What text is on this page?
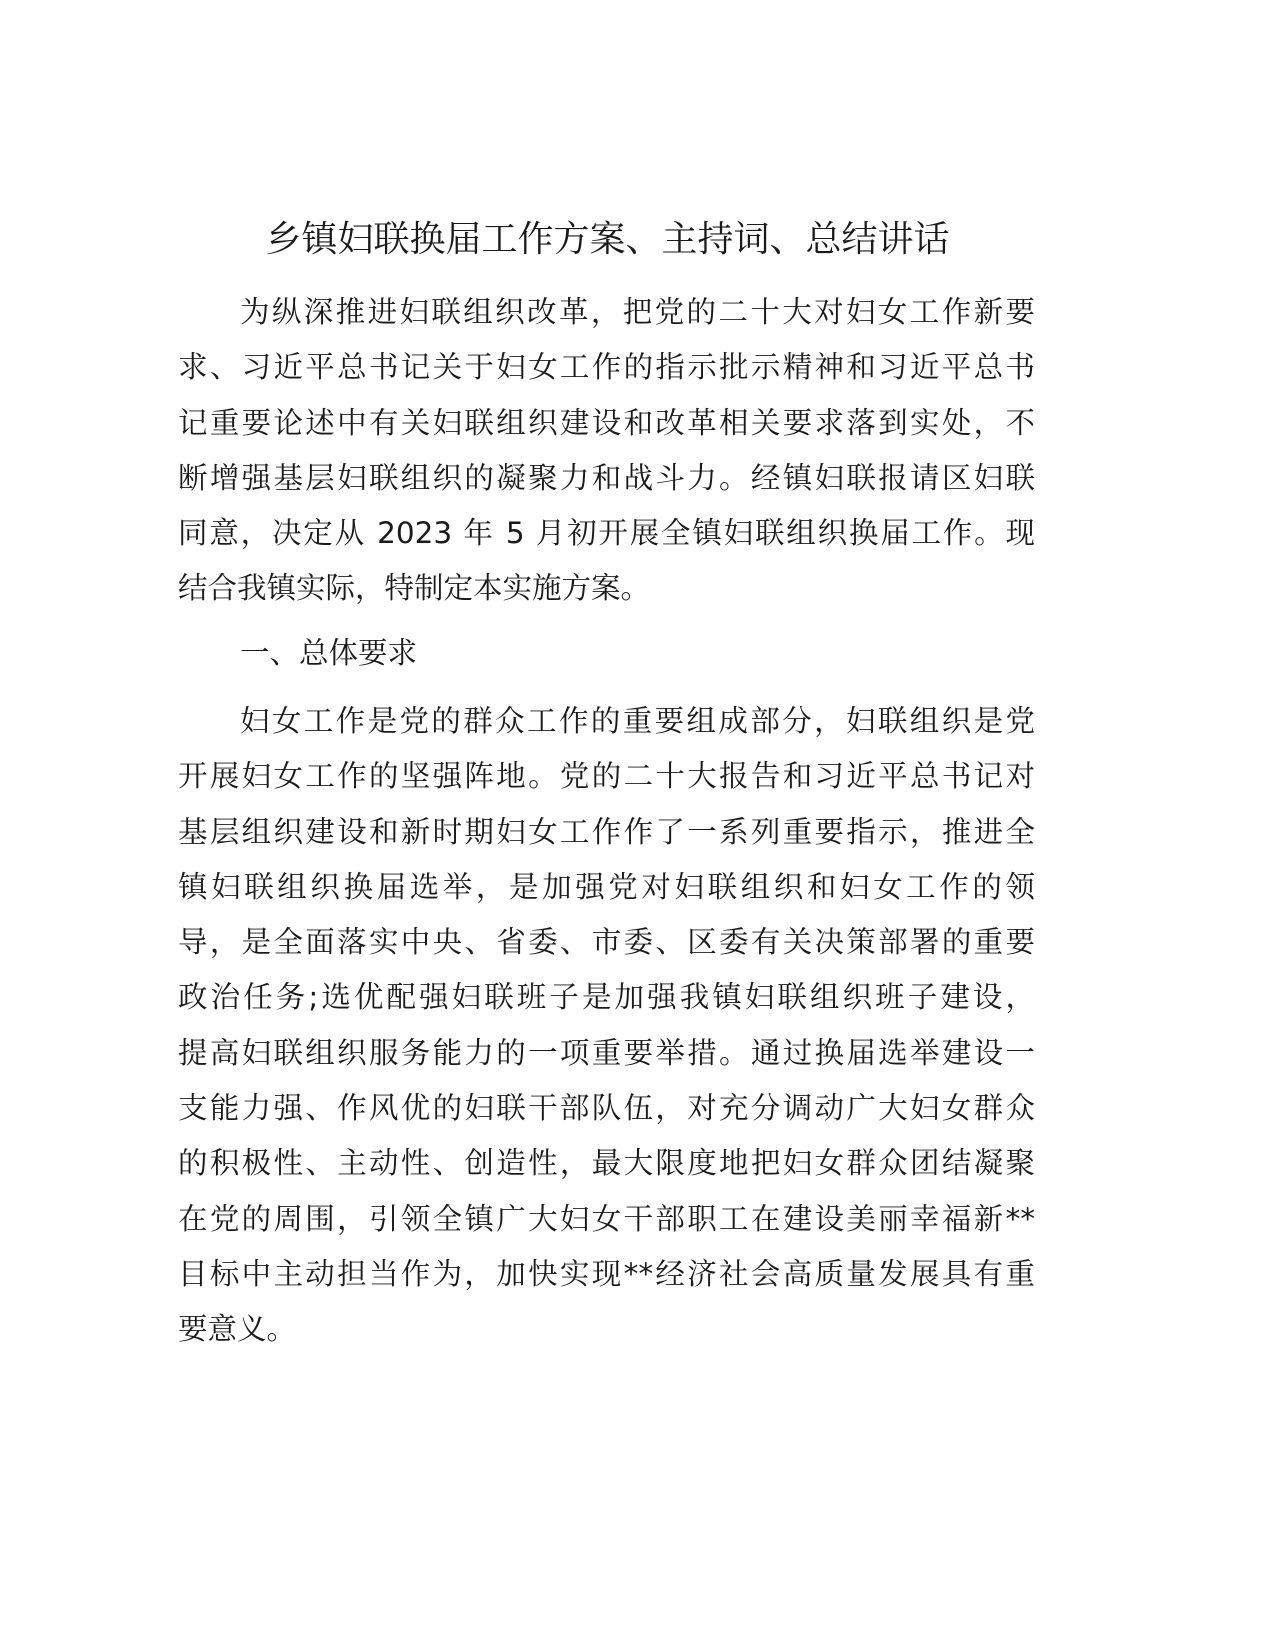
乡镇妇联换届工作方案、主持词、总结讲话
为纵深推进妇联组织改革，把党的二十大对妇女工作新要
求、习近平总书记关于妇女工作的指示批示精神和习近平总书
记重要论述中有关妇联组织建设和改革相关要求落到实处，不
断增强基层妇联组织的凝聚力和战斗力。经镇妇联报请区妇联
同意，决定从 2023 年 5 月初开展全镇妇联组织换届工作。现
结合我镇实际，特制定本实施方案。
一、总体要求
妇女工作是党的群众工作的重要组成部分，妇联组织是党
开展妇女工作的坚强阵地。党的二十大报告和习近平总书记对
基层组织建设和新时期妇女工作作了一系列重要指示，推进全
镇妇联组织换届选举，是加强党对妇联组织和妇女工作的领
导，是全面落实中央、省委、市委、区委有关决策部署的重要
政治任务;选优配强妇联班子是加强我镇妇联组织班子建设，
提高妇联组织服务能力的一项重要举措。通过换届选举建设一
支能力强、作风优的妇联干部队伍，对充分调动广大妇女群众
的积极性、主动性、创造性，最大限度地把妇女群众团结凝聚
在党的周围，引领全镇广大妇女干部职工在建设美丽幸福新**
目标中主动担当作为，加快实现**经济社会高质量发展具有重
要意义。
